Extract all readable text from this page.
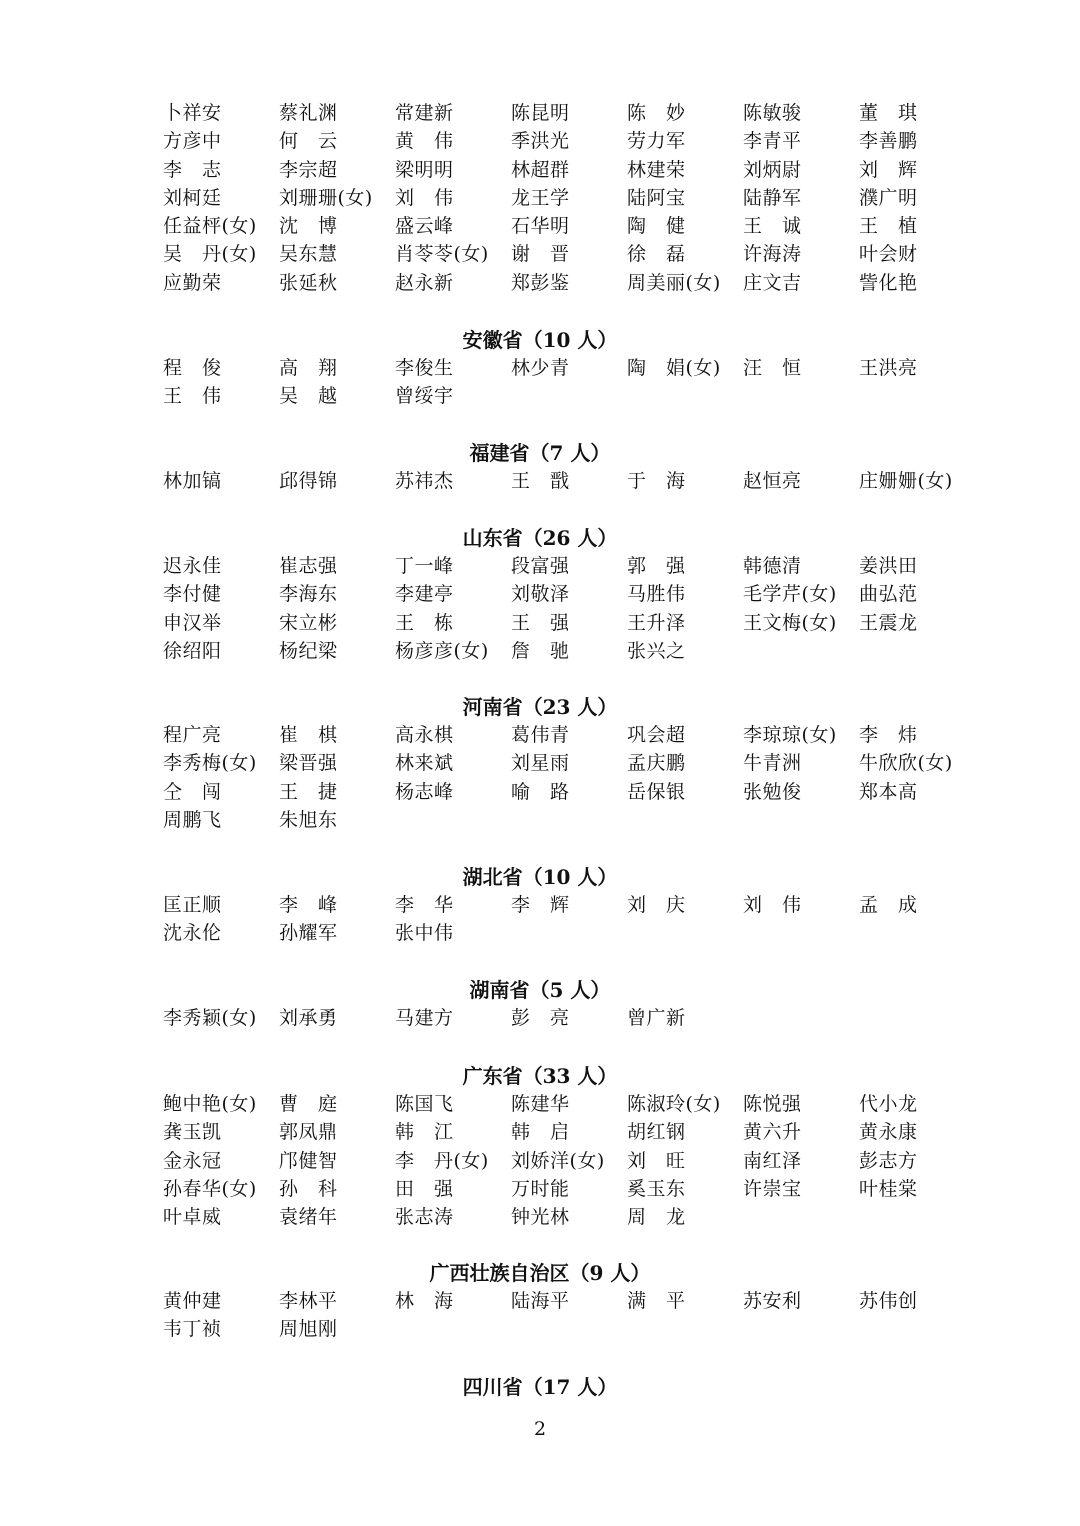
卜祥安	蔡礼渊	常建新	陈昆明	陈　妙	陈敏骏	董　琪
方彦中	何　云	黄　伟	季洪光	劳力军	李青平	李善鹏
李　志	李宗超	梁明明	林超群	林建荣	刘炳尉	刘　辉
刘柯廷	刘珊珊(女)	刘　伟	龙王学	陆阿宝	陆静军	濮广明
任益枰(女)	沈　博	盛云峰	石华明	陶　健	王　诚	王　植
吴　丹(女)	吴东慧	肖苓苓(女)	谢　晋	徐　磊	许海涛	叶会财
应勤荣	张延秋	赵永新	郑彭鉴	周美丽(女)	庄文吉	訾化艳
安徽省（10 人）
程　俊	高　翔	李俊生	林少青	陶　娟(女)	汪　恒	王洪亮
王　伟	吴　越	曾绥宇
福建省（7 人）
林加镐	邱得锦	苏祎杰	王　戬	于　海	赵恒亮	庄姗姗(女)
山东省（26 人）
迟永佳	崔志强	丁一峰	段富强	郭　强	韩德清	姜洪田
李付健	李海东	李建亭	刘敬泽	马胜伟	毛学芹(女)	曲弘范
申汉举	宋立彬	王　栋	王　强	王升泽	王文梅(女)	王震龙
徐绍阳	杨纪梁	杨彦彦(女)	詹　驰	张兴之
河南省（23 人）
程广亮	崔　棋	高永棋	葛伟青	巩会超	李琼琼(女)	李　炜
李秀梅(女)	梁晋强	林来斌	刘星雨	孟庆鹏	牛青洲	牛欣欣(女)
仝　闯	王　捷	杨志峰	喻　路	岳保银	张勉俊	郑本高
周鹏飞	朱旭东
湖北省（10 人）
匡正顺	李　峰	李　华	李　辉	刘　庆	刘　伟	孟　成
沈永伦	孙耀军	张中伟
湖南省（5 人）
李秀颖(女)	刘承勇	马建方	彭　亮	曾广新
广东省（33 人）
鲍中艳(女)	曹　庭	陈国飞	陈建华	陈淑玲(女)	陈悦强	代小龙
龚玉凯	郭凤鼎	韩　江	韩　启	胡红钢	黄六升	黄永康
金永冠	邝健智	李　丹(女)	刘娇洋(女)	刘　旺	南红泽	彭志方
孙春华(女)	孙　科	田　强	万时能	奚玉东	许崇宝	叶桂棠
叶卓威	袁绪年	张志涛	钟光林	周　龙
广西壮族自治区（9 人）
黄仲建	李林平	林　海	陆海平	满　平	苏安利	苏伟创
韦丁祯	周旭刚
四川省（17 人）
2
